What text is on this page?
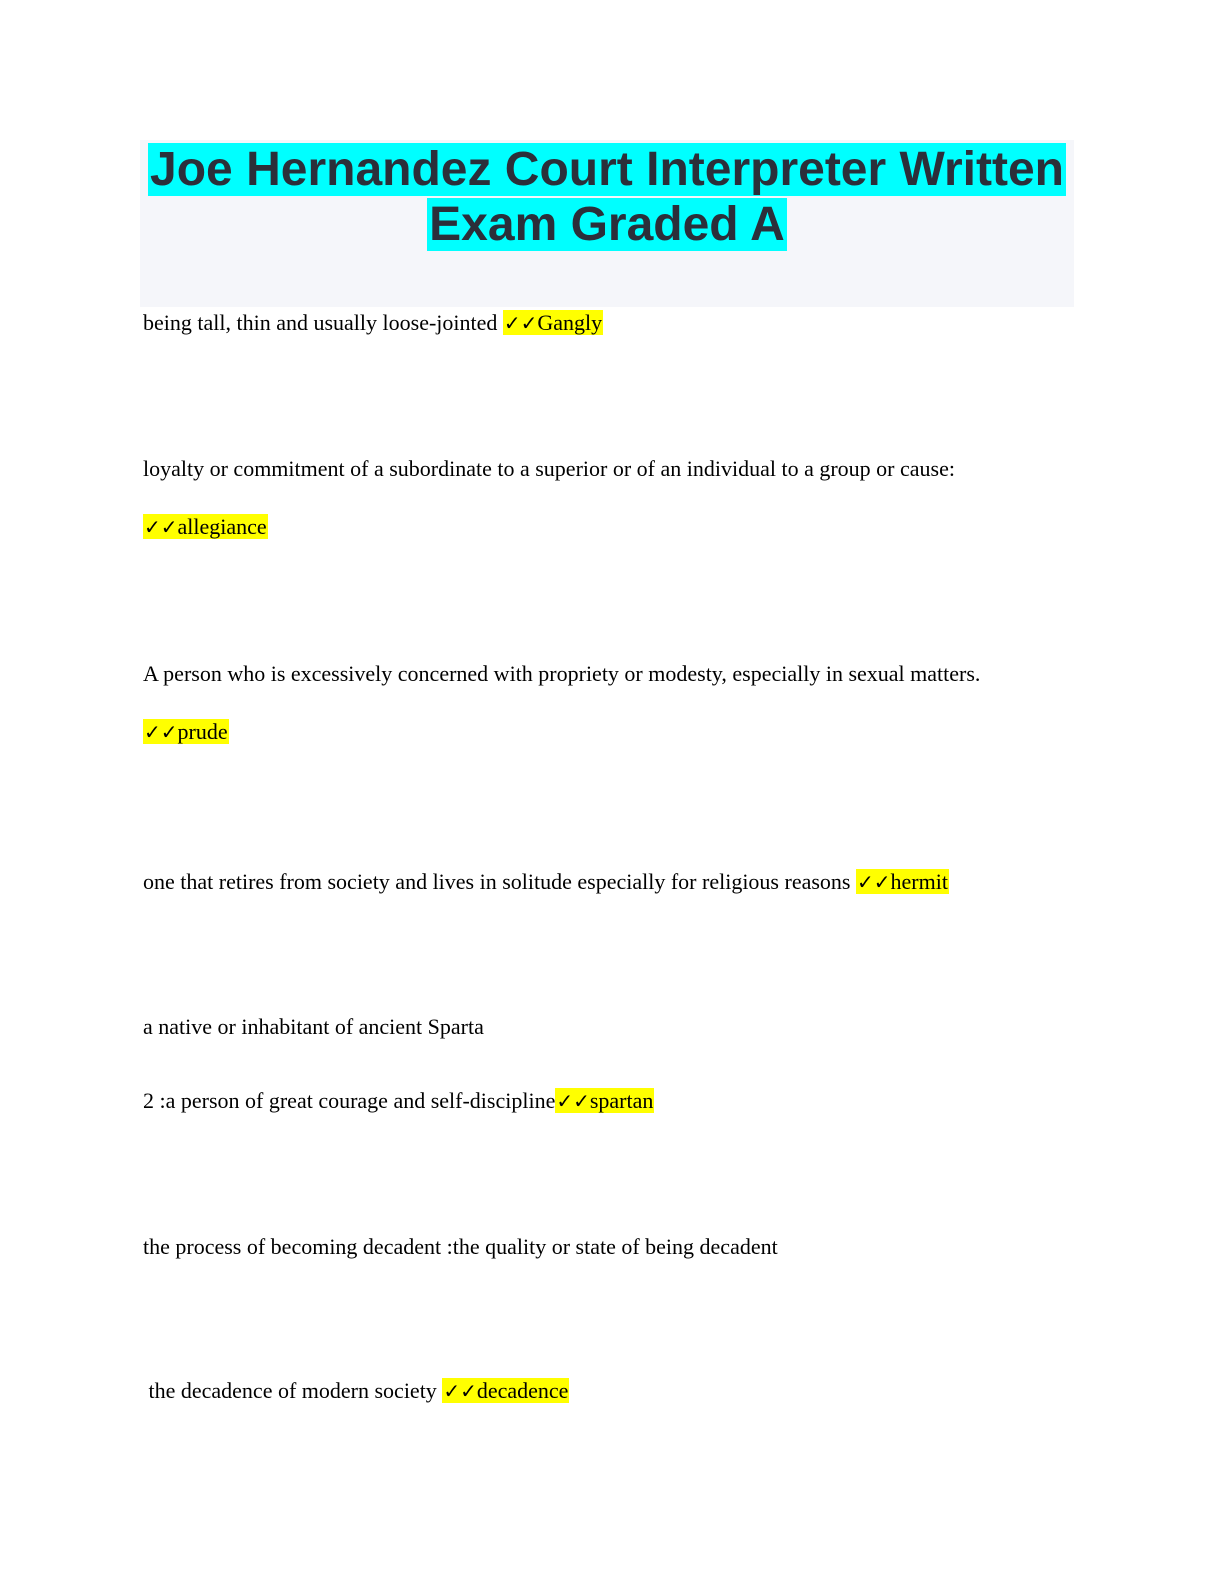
Joe Hernandez Court Interpreter Written
Exam Graded A

being tall, thin and usually loose-jointed ✓✓Gangly

loyalty or commitment of a subordinate to a superior or of an individual to a group or cause:

✓✓allegiance

A person who is excessively concerned with propriety or modesty, especially in sexual matters.

✓✓prude

one that retires from society and lives in solitude especially for religious reasons ✓✓hermit

a native or inhabitant of ancient Sparta

2 :a person of great courage and self-discipline✓✓spartan

the process of becoming decadent :the quality or state of being decadent

the decadence of modern society ✓✓decadence
